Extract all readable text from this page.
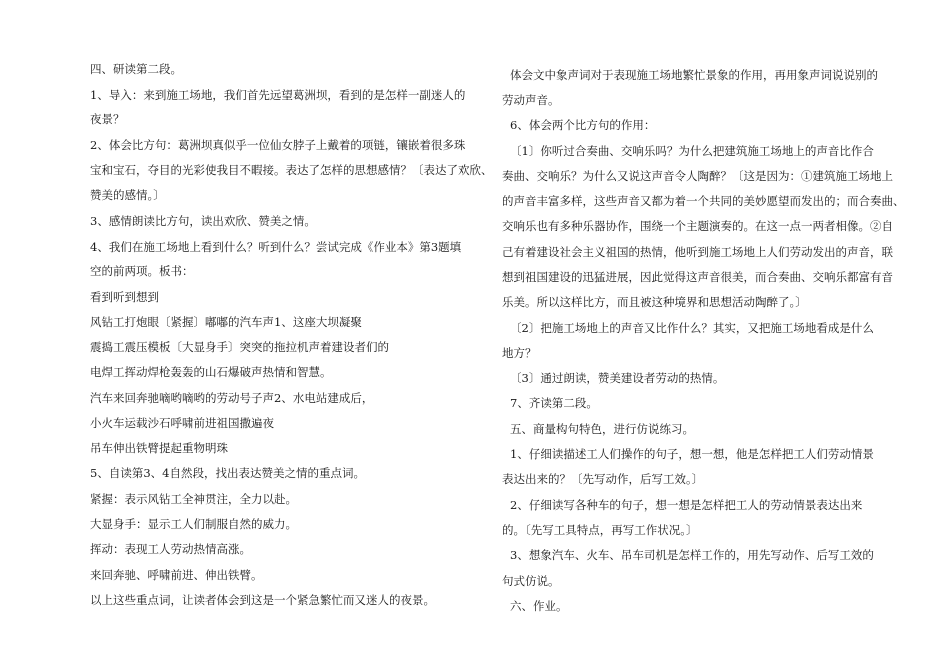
四、研读第二段。
1、导入：来到施工场地，我们首先远望葛洲坝，看到的是怎样一副迷人的
夜景？
2、体会比方句：葛洲坝真似乎一位仙女脖子上戴着的项链，镶嵌着很多珠
宝和宝石，夺目的光彩使我目不暇接。表达了怎样的思想感情？〔表达了欢欣、
赞美的感情。〕
3、感情朗读比方句，读出欢欣、赞美之情。
4、我们在施工场地上看到什么？听到什么？尝试完成《作业本》第3题填
空的前两项。板书：
看到听到想到
风钻工打炮眼〔紧握〕嘟嘟的汽车声1、这座大坝凝聚
震捣工震压模板〔大显身手〕突突的拖拉机声着建设者们的
电焊工挥动焊枪轰轰的山石爆破声热情和智慧。
汽车来回奔驰嘀哟嘀哟的劳动号子声2、水电站建成后，
小火车运载沙石呼啸前进祖国撒遍夜
吊车伸出铁臂提起重物明珠
5、自读第3、4自然段，找出表达赞美之情的重点词。
紧握：表示风钻工全神贯注，全力以赴。
大显身手：显示工人们制服自然的威力。
挥动：表现工人劳动热情高涨。
来回奔驰、呼啸前进、伸出铁臂。
以上这些重点词，让读者体会到这是一个紧急繁忙而又迷人的夜景。
体会文中象声词对于表现施工场地繁忙景象的作用，再用象声词说说别的
劳动声音。
6、体会两个比方句的作用：
〔1〕你听过合奏曲、交响乐吗？为什么把建筑施工场地上的声音比作合
奏曲、交响乐？为什么又说这声音令人陶醉？〔这是因为：①建筑施工场地上
的声音丰富多样，这些声音又都为着一个共同的美妙愿望而发出的；而合奏曲、
交响乐也有多种乐器协作，围绕一个主题演奏的。在这一点一两者相像。②自
己有着建设社会主义祖国的热情，他听到施工场地上人们劳动发出的声音，联
想到祖国建设的迅猛进展，因此觉得这声音很美，而合奏曲、交响乐都富有音
乐美。所以这样比方，而且被这种境界和思想活动陶醉了。〕
〔2〕把施工场地上的声音又比作什么？其实，又把施工场地看成是什么
地方？
〔3〕通过朗读，赞美建设者劳动的热情。
7、齐读第二段。
五、商量构句特色，进行仿说练习。
1、仔细读描述工人们操作的句子，想一想，他是怎样把工人们劳动情景
表达出来的？〔先写动作，后写工效。〕
2、仔细读写各种车的句子，想一想是怎样把工人的劳动情景表达出来
的。〔先写工具特点，再写工作状况。〕
3、想象汽车、火车、吊车司机是怎样工作的，用先写动作、后写工效的
句式仿说。
六、作业。
